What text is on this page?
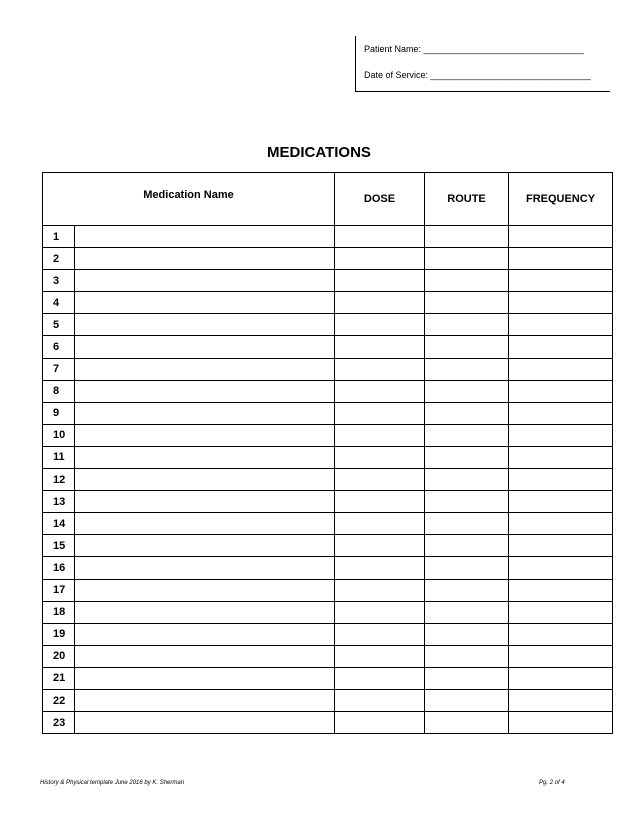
Patient Name: ________________________________
Date of Service: ________________________________
MEDICATIONS
Medication Name		DOSE	ROUTE	FREQUENCY
1				
2				
3				
4				
5				
6				
7				
8				
9				
10				
11				
12				
13				
14				
15				
16				
17				
18				
19				
20				
21				
22				
23				
History & Physical template June 2016 by K. Sherman	Pg. 2 of 4
